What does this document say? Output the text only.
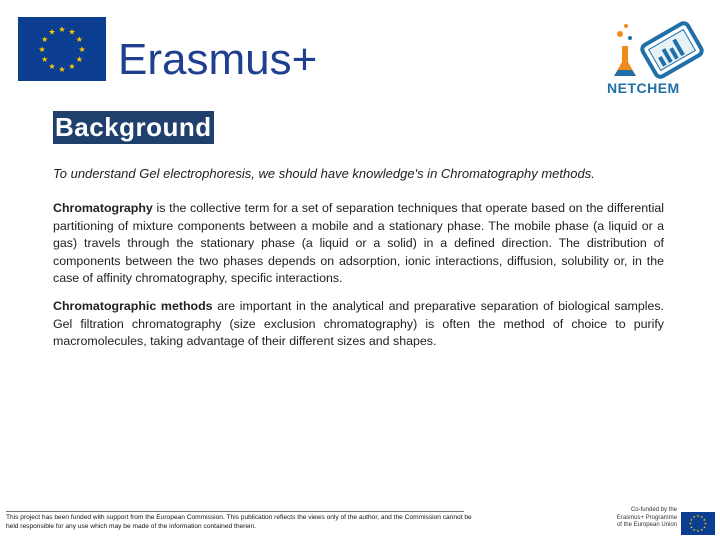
★ ★
★
★
★
★
★
★
★
★
★
★
Erasmus+
NETCHEM
Background
To understand Gel electrophoresis, we should have knowledge's in Chromatography methods.
Chromatography is the collective term for a set of separation techniques that operate based on the differential partitioning of mixture components between a mobile and a stationary phase. The mobile phase (a liquid or a gas) travels through the stationary phase (a liquid or a solid) in a defined direction. The distribution of components between the two phases depends on adsorption, ionic interactions, diffusion, solubility or, in the case of affinity chromatography, specific interactions.
Chromatographic methods are important in the analytical and preparative separation of biological samples. Gel filtration chromatography (size exclusion chromatography) is often the method of choice to purify macromolecules, taking advantage of their different sizes and shapes.
This project has been funded with support from the European Commission. This publication reflects the views only of the author, and the Commission cannot be held responsible for any use which may be made of the information contained therein.
Co-funded by the
Erasmus+ Programme
of the European Union
★ ★
★
★
★
★
★
★
★
★
★
★
